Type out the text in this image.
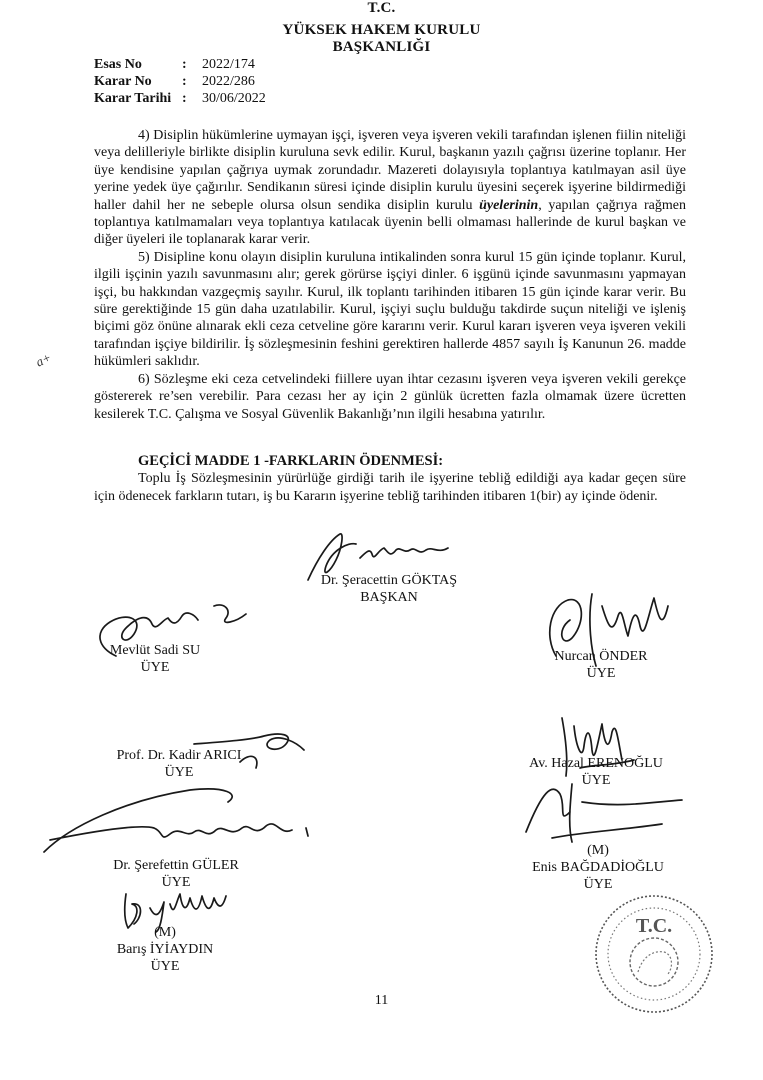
T.C.
YÜKSEK HAKEM KURULU
BAŞKANLIĞI
Esas No	:	2022/174
Karar No	:	2022/286
Karar Tarihi :	30/06/2022

4) Disiplin hükümlerine uymayan işçi, işveren veya işveren vekili tarafından işlenen fiilin niteliği veya delilleriyle birlikte disiplin kuruluna sevk edilir. Kurul, başkanın yazılı çağrısı üzerine toplanır. Her üye kendisine yapılan çağrıya uymak zorundadır. Mazereti dolayısıyla toplantıya katılmayan asil üye yerine yedek üye çağırılır. Sendikanın süresi içinde disiplin kurulu üyesini seçerek işyerine bildirmediği haller dahil her ne sebeple olursa olsun sendika disiplin kurulu üyelerinin, yapılan çağrıya rağmen toplantıya katılmamaları veya toplantıya katılacak üyenin belli olmaması hallerinde de kurul başkan ve diğer üyeleri ile toplanarak karar verir.

5) Disipline konu olayın disiplin kuruluna intikalinden sonra kurul 15 gün içinde toplanır. Kurul, ilgili işçinin yazılı savunmasını alır; gerek görürse işçiyi dinler. 6 işgünü içinde savunmasını yapmayan işçi, bu hakkından vazgeçmiş sayılır. Kurul, ilk toplantı tarihinden itibaren 15 gün içinde karar verir. Bu süre gerektiğinde 15 gün daha uzatılabilir. Kurul, işçiyi suçlu bulduğu takdirde suçun niteliği ve işleniş biçimi göz önüne alınarak ekli ceza cetveline göre kararını verir. Kurul kararı işveren veya işveren vekili tarafından işçiye bildirilir. İş sözleşmesinin feshini gerektiren hallerde 4857 sayılı İş Kanunun 26. madde hükümleri saklıdır.

6) Sözleşme eki ceza cetvelindeki fiillere uyan ihtar cezasını işveren veya işveren vekili gerekçe göstererek re’sen verebilir. Para cezası her ay için 2 günlük ücretten fazla olmamak üzere ücretten kesilerek T.C. Çalışma ve Sosyal Güvenlik Bakanlığı’nın ilgili hesabına yatırılır.

GEÇİCİ MADDE 1 -FARKLARIN ÖDENMESİ:

Toplu İş Sözleşmesinin yürürlüğe girdiği tarih ile işyerine tebliğ edildiği aya kadar geçen süre için ödenecek farkların tutarı, iş bu Kararın işyerine tebliğ tarihinden itibaren 1(bir) ay içinde ödenir.

a+
Dr. Şeracettin GÖKTAŞ
BAŞKAN
Mevlüt Sadi SU
ÜYE
Nurcan ÖNDER
ÜYE
Prof. Dr. Kadir ARICI
ÜYE
Av. Hazal ERENOĞLU
ÜYE
Dr. Şerefettin GÜLER
ÜYE
(M)
Enis BAĞDADİOĞLU
ÜYE
(M)
Barış İYİAYDIN
ÜYE
T.C.
11
